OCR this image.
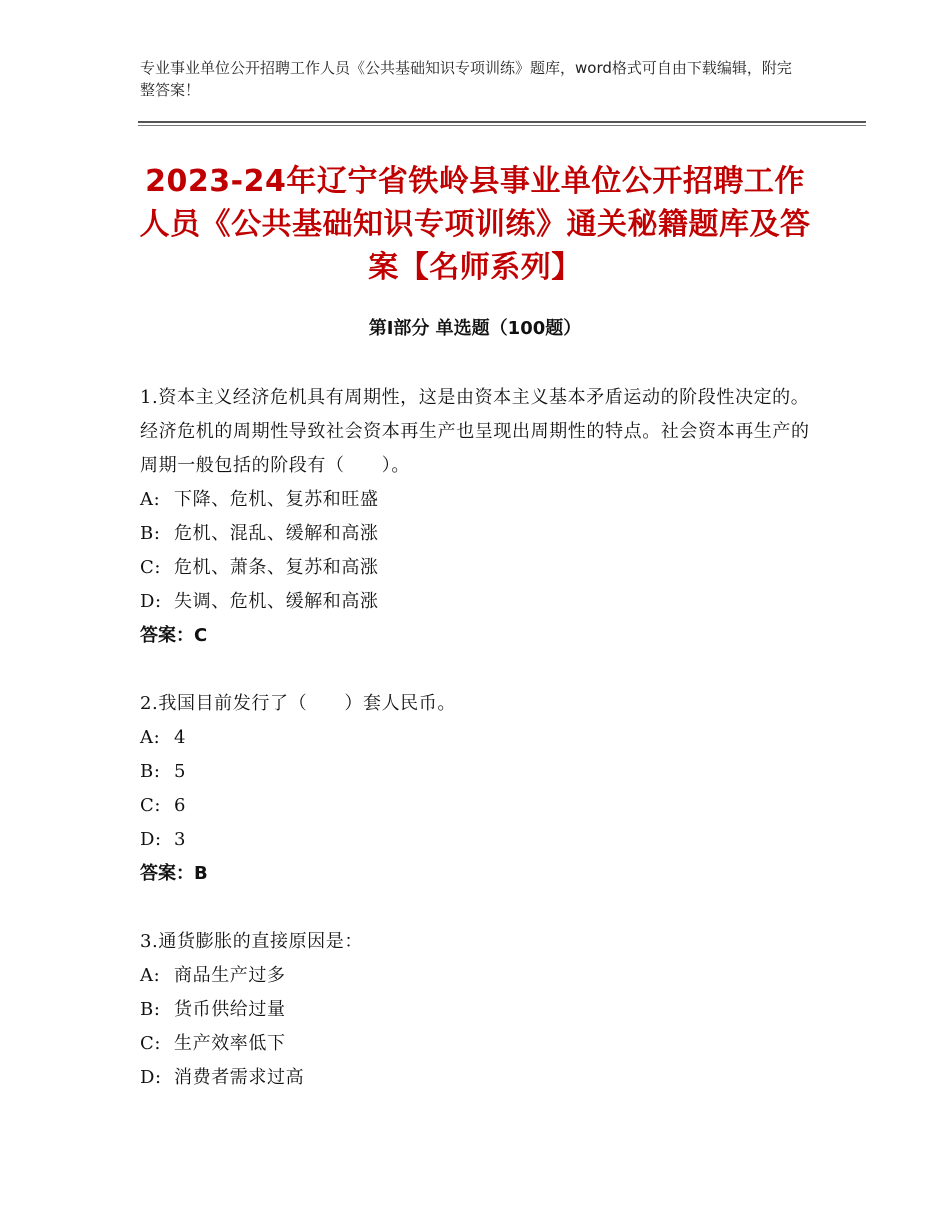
专业事业单位公开招聘工作人员《公共基础知识专项训练》题库，word格式可自由下载编辑，附完整答案！
2023-24年辽宁省铁岭县事业单位公开招聘工作人员《公共基础知识专项训练》通关秘籍题库及答案【名师系列】
第Ⅰ部分 单选题（100题）
1.资本主义经济危机具有周期性，这是由资本主义基本矛盾运动的阶段性决定的。经济危机的周期性导致社会资本再生产也呈现出周期性的特点。社会资本再生产的周期一般包括的阶段有（　　）。
A: 下降、危机、复苏和旺盛
B: 危机、混乱、缓解和高涨
C: 危机、萧条、复苏和高涨
D: 失调、危机、缓解和高涨
答案：C
2.我国目前发行了（　　）套人民币。
A: 4
B: 5
C: 6
D: 3
答案：B
3.通货膨胀的直接原因是：
A: 商品生产过多
B: 货币供给过量
C: 生产效率低下
D: 消费者需求过高
